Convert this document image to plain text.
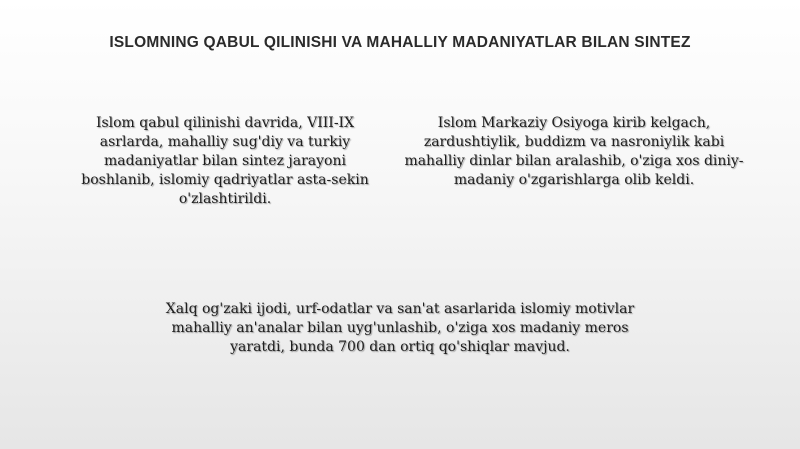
ISLOMNING QABUL QILINISHI VA MAHALLIY MADANIYATLAR BILAN SINTEZ

Islom qabul qilinishi davrida, VIII-IX asrlarda, mahalliy sug'diy va turkiy madaniyatlar bilan sintez jarayoni boshlanib, islomiy qadriyatlar asta-sekin o'zlashtirildi.

Islom Markaziy Osiyoga kirib kelgach, zardushtiylik, buddizm va nasroniylik kabi mahalliy dinlar bilan aralashib, o'ziga xos diniy-madaniy o'zgarishlarga olib keldi.

Xalq og'zaki ijodi, urf-odatlar va san'at asarlarida islomiy motivlar mahalliy an'analar bilan uyg'unlashib, o'ziga xos madaniy meros yaratdi, bunda 700 dan ortiq qo'shiqlar mavjud.
